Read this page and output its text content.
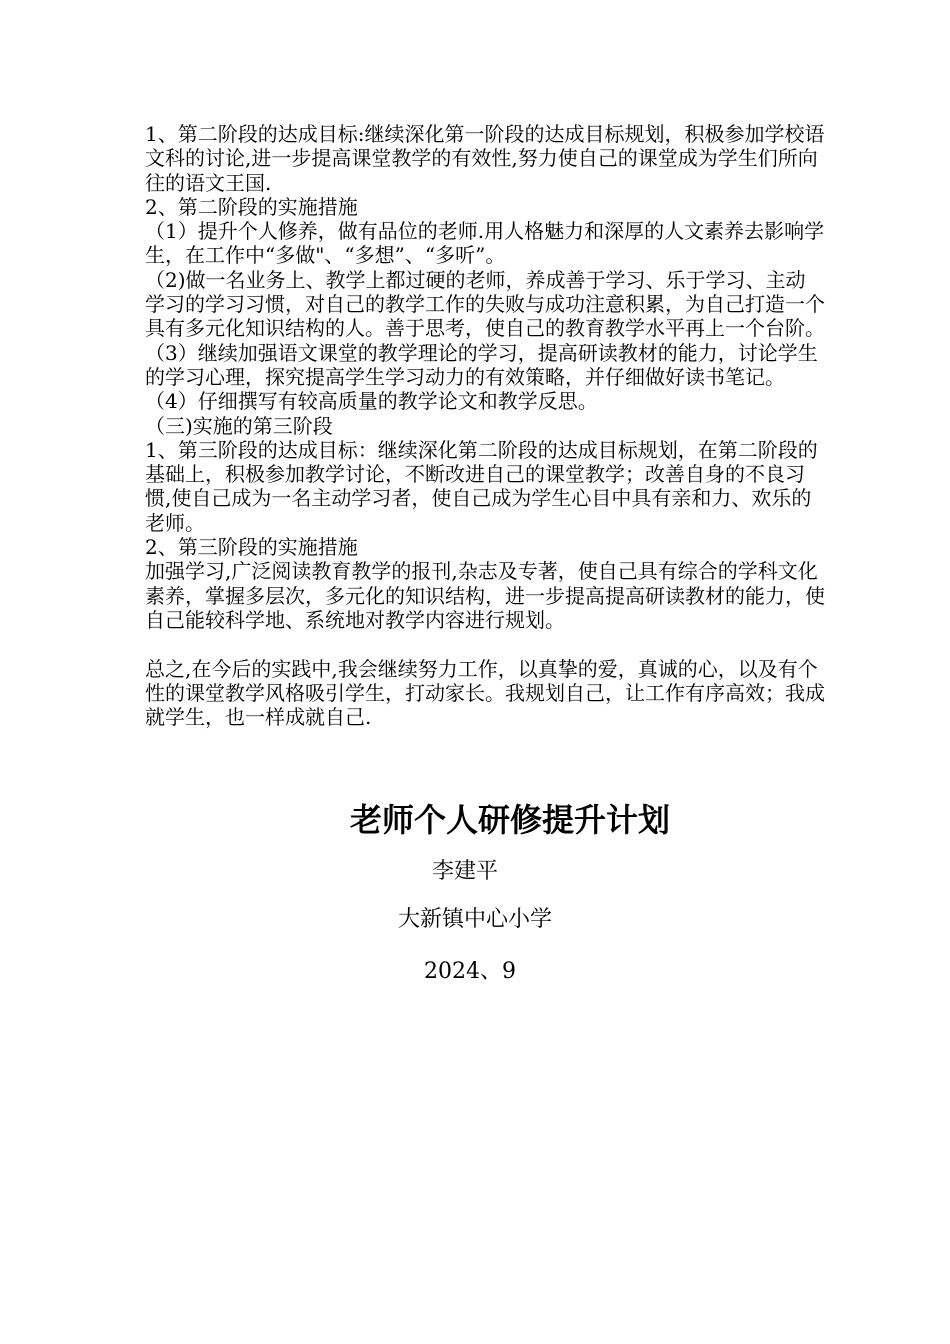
1、第二阶段的达成目标:继续深化第一阶段的达成目标规划，积极参加学校语文科的讨论,进一步提高课堂教学的有效性,努力使自己的课堂成为学生们所向往的语文王国.

2、第二阶段的实施措施

（1）提升个人修养，做有品位的老师.用人格魅力和深厚的人文素养去影响学生，在工作中“多做"、“多想”、“多听”。

（2)做一名业务上、教学上都过硬的老师，养成善于学习、乐于学习、主动学习的学习习惯，对自己的教学工作的失败与成功注意积累，为自己打造一个具有多元化知识结构的人。善于思考，使自己的教育教学水平再上一个台阶。

（3）继续加强语文课堂的教学理论的学习，提高研读教材的能力，讨论学生的学习心理，探究提高学生学习动力的有效策略，并仔细做好读书笔记。

（4）仔细撰写有较高质量的教学论文和教学反思。

（三)实施的第三阶段

1、第三阶段的达成目标：继续深化第二阶段的达成目标规划，在第二阶段的基础上，积极参加教学讨论，不断改进自己的课堂教学；改善自身的不良习惯,使自己成为一名主动学习者，使自己成为学生心目中具有亲和力、欢乐的老师。

2、第三阶段的实施措施

加强学习,广泛阅读教育教学的报刊,杂志及专著，使自己具有综合的学科文化素养，掌握多层次，多元化的知识结构，进一步提高提高研读教材的能力，使自己能较科学地、系统地对教学内容进行规划。

总之,在今后的实践中,我会继续努力工作，以真挚的爱，真诚的心，以及有个性的课堂教学风格吸引学生，打动家长。我规划自己，让工作有序高效；我成就学生，也一样成就自己.

老师个人研修提升计划
李建平
大新镇中心小学
2024、9
